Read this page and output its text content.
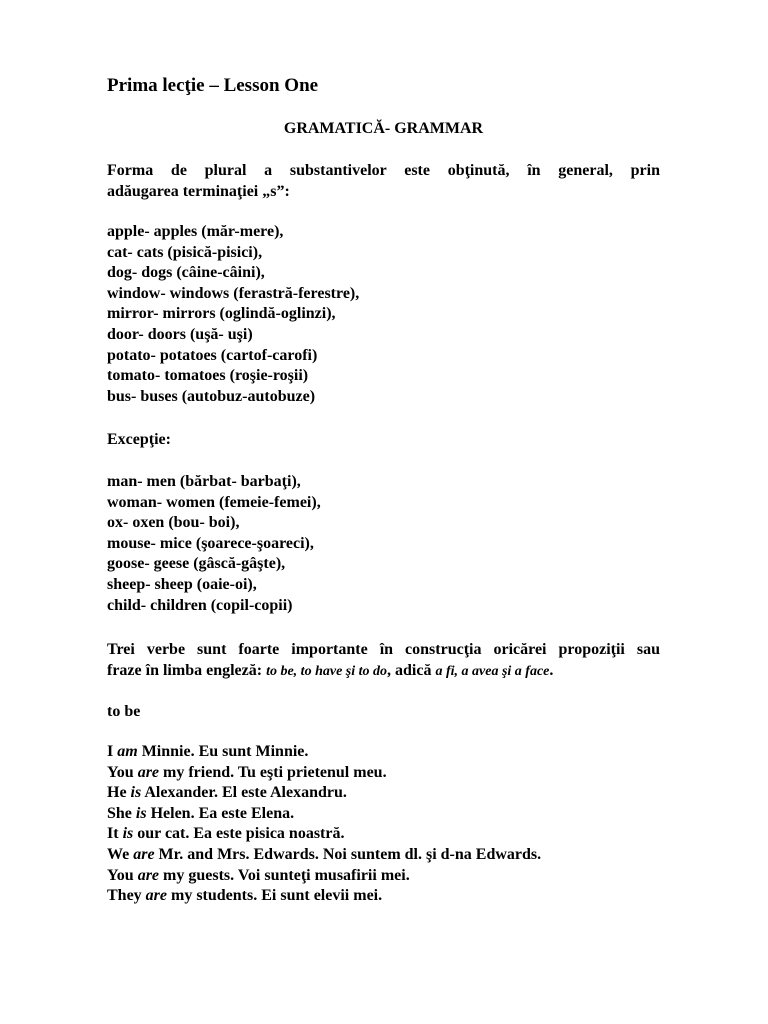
Prima lecţie – Lesson One
GRAMATICĂ- GRAMMAR
Forma de plural a substantivelor este obţinută, în general, prin
adăugarea terminaţiei „s”:
apple- apples (măr-mere),
cat- cats (pisică-pisici),
dog- dogs (câine-câini),
window- windows (ferastră-ferestre),
mirror- mirrors (oglindă-oglinzi),
door- doors (uşă- uşi)
potato- potatoes (cartof-carofi)
tomato- tomatoes (roşie-roşii)
bus- buses (autobuz-autobuze)
Excepţie:
man- men (bărbat- barbaţi),
woman- women (femeie-femei),
ox- oxen (bou- boi),
mouse- mice (şoarece-şoareci),
goose- geese (gâscă-gâşte),
sheep- sheep (oaie-oi),
child- children (copil-copii)
Trei verbe sunt foarte importante în construcţia oricărei propoziţii sau
fraze în limba engleză: to be, to have şi to do, adică a fi, a avea şi a face.
to be
I am Minnie. Eu sunt Minnie.
You are my friend. Tu eşti prietenul meu.
He is Alexander. El este Alexandru.
She is Helen. Ea este Elena.
It is our cat. Ea este pisica noastră.
We are Mr. and Mrs. Edwards. Noi suntem dl. şi d-na Edwards.
You are my guests. Voi sunteţi musafirii mei.
They are my students. Ei sunt elevii mei.
